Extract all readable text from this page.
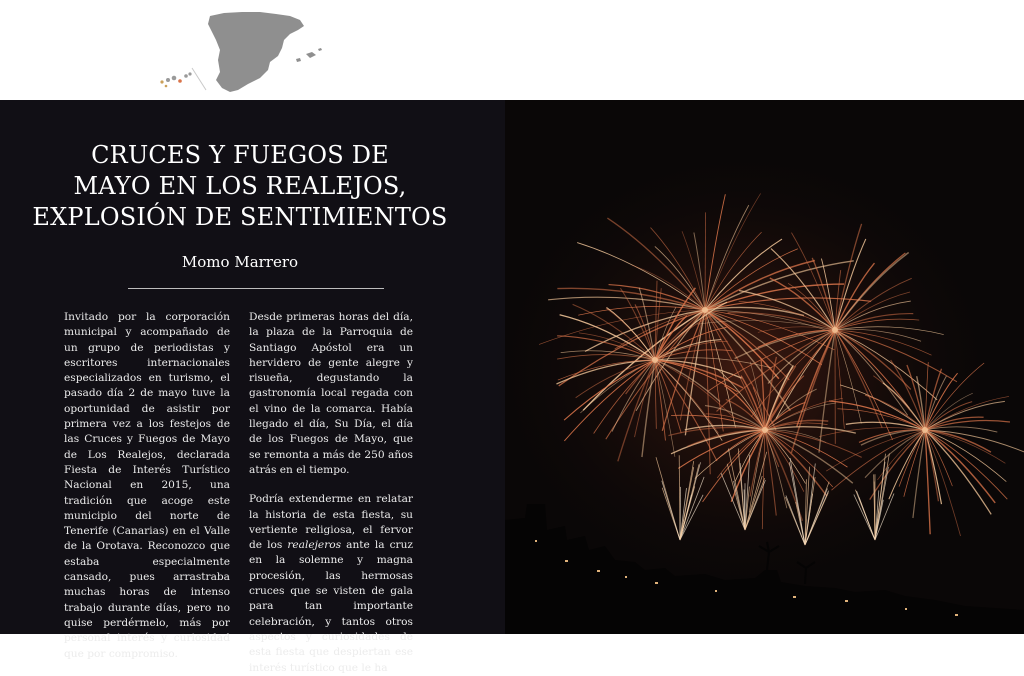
CRUCES Y FUEGOS DE
MAYO EN LOS REALEJOS,
EXPLOSIÓN DE SENTIMIENTOS
Momo Marrero

Invitado por la corporación municipal y acompañado de un grupo de periodistas y escritores internacionales especializados en turismo, el pasado día 2 de mayo tuve la oportunidad de asistir por primera vez a los festejos de las Cruces y Fuegos de Mayo de Los Realejos, declarada Fiesta de Interés Turístico Nacional en 2015, una tradición que acoge este municipio del norte de Tenerife (Canarias) en el Valle de la Orotava. Reconozco que estaba especialmente cansado, pues arrastraba muchas horas de intenso trabajo durante días, pero no quise perdérmelo, más por personal interés y curiosidad que por compromiso.

Desde primeras horas del día, la plaza de la Parroquia de Santiago Apóstol era un hervidero de gente alegre y risueña, degustando la gastronomía local regada con el vino de la comarca. Había llegado el día, Su Día, el día de los Fuegos de Mayo, que se remonta a más de 250 años atrás en el tiempo.

Podría extenderme en relatar la historia de esta fiesta, su vertiente religiosa, el fervor de los realejeros ante la cruz en la solemne y magna procesión, las hermosas cruces que se visten de gala para tan importante celebración, y tantos otros aspectos y curiosidades de esta fiesta que despiertan ese interés turístico que le ha
